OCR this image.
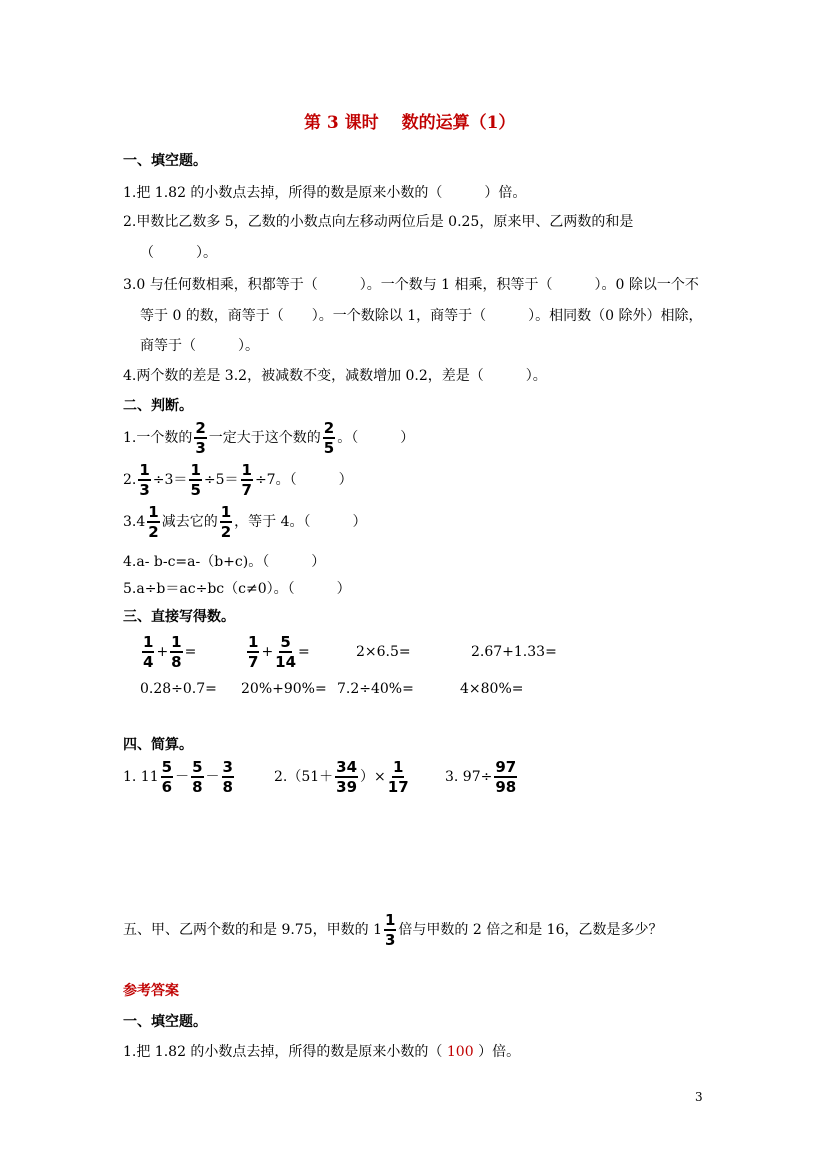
第 3 课时　 数的运算（1）
一、填空题。
1.把 1.82 的小数点去掉，所得的数是原来小数的（　　　）倍。
2.甲数比乙数多 5，乙数的小数点向左移动两位后是 0.25，原来甲、乙两数的和是
（　　　）。
3.0 与任何数相乘，积都等于（　　　）。一个数与 1 相乘，积等于（　　　）。0 除以一个不
等于 0 的数，商等于（　　）。一个数除以 1，商等于（　　　）。相同数（0 除外）相除，
商等于（　　　）。
4.两个数的差是 3.2，被减数不变，减数增加 0.2，差是（　　　）。
二、判断。
1.一个数的 $\frac{2}{3}$ 一定大于这个数的 $\frac{2}{5}$ 。（　　　）
2. $\frac{1}{3} \div 3= \frac{1}{5} \div 5= \frac{1}{7} \div 7$。（　　　）
$3.4 \frac{1}{2}$ 减去它的 $\frac{1}{2}$ ，等于 4。（　　　）
4.a- b-c=a-（b+c)。（　　　）
5.a÷b＝ac÷bc（c≠0）。（　　　）
三、直接写得数。
$\frac{1}{4} + \frac{1}{8}$ =	$\frac{1}{7} + \frac{5}{14}$ =	2×6.5=	2.67+1.33=
0.28÷0.7= 20%+90%= 7.2÷40%=	4×80%=
四、简算。
1. $11 \frac{5}{6} - \frac{5}{8} - \frac{3}{8}$	$2.(51+ \frac{34}{39}$ ）× $\frac{1}{17}$	3. $97\div \frac{97}{98}$
五、甲、乙两个数的和是 9.75，甲数的 $1 \frac{1}{3}$ 倍与甲数的 2 倍之和是 16，乙数是多少？
参考答案
一、填空题。
1.把 1.82 的小数点去掉，所得的数是原来小数的（ 100 ）倍。
3
